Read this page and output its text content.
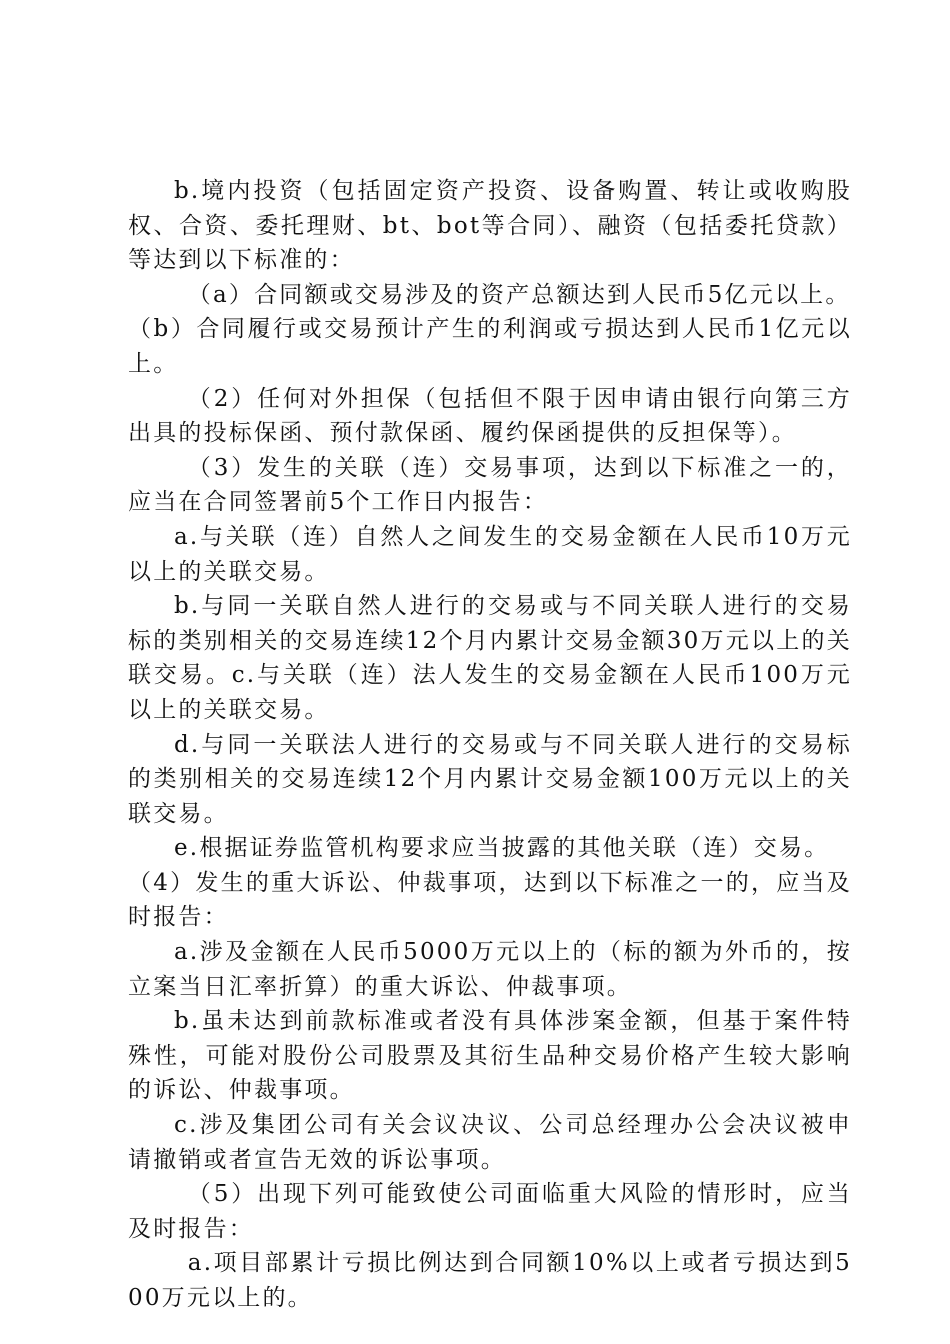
b.境内投资（包括固定资产投资、设备购置、转让或收购股权、合资、委托理财、bt、bot等合同）、融资（包括委托贷款）等达到以下标准的：

（a）合同额或交易涉及的资产总额达到人民币5亿元以上。

（b）合同履行或交易预计产生的利润或亏损达到人民币1亿元以上。

（2）任何对外担保（包括但不限于因申请由银行向第三方出具的投标保函、预付款保函、履约保函提供的反担保等）。

（3）发生的关联（连）交易事项，达到以下标准之一的，应当在合同签署前5个工作日内报告：

a.与关联（连）自然人之间发生的交易金额在人民币10万元以上的关联交易。

b.与同一关联自然人进行的交易或与不同关联人进行的交易标的类别相关的交易连续12个月内累计交易金额30万元以上的关联交易。c.与关联（连）法人发生的交易金额在人民币100万元以上的关联交易。

d.与同一关联法人进行的交易或与不同关联人进行的交易标的类别相关的交易连续12个月内累计交易金额100万元以上的关联交易。

e.根据证券监管机构要求应当披露的其他关联（连）交易。

（4）发生的重大诉讼、仲裁事项，达到以下标准之一的，应当及时报告：

a.涉及金额在人民币5000万元以上的（标的额为外币的，按立案当日汇率折算）的重大诉讼、仲裁事项。

b.虽未达到前款标准或者没有具体涉案金额，但基于案件特殊性，可能对股份公司股票及其衍生品种交易价格产生较大影响的诉讼、仲裁事项。

c.涉及集团公司有关会议决议、公司总经理办公会决议被申请撤销或者宣告无效的诉讼事项。

（5）出现下列可能致使公司面临重大风险的情形时，应当及时报告：

a.项目部累计亏损比例达到合同额10%以上或者亏损达到500万元以上的。
